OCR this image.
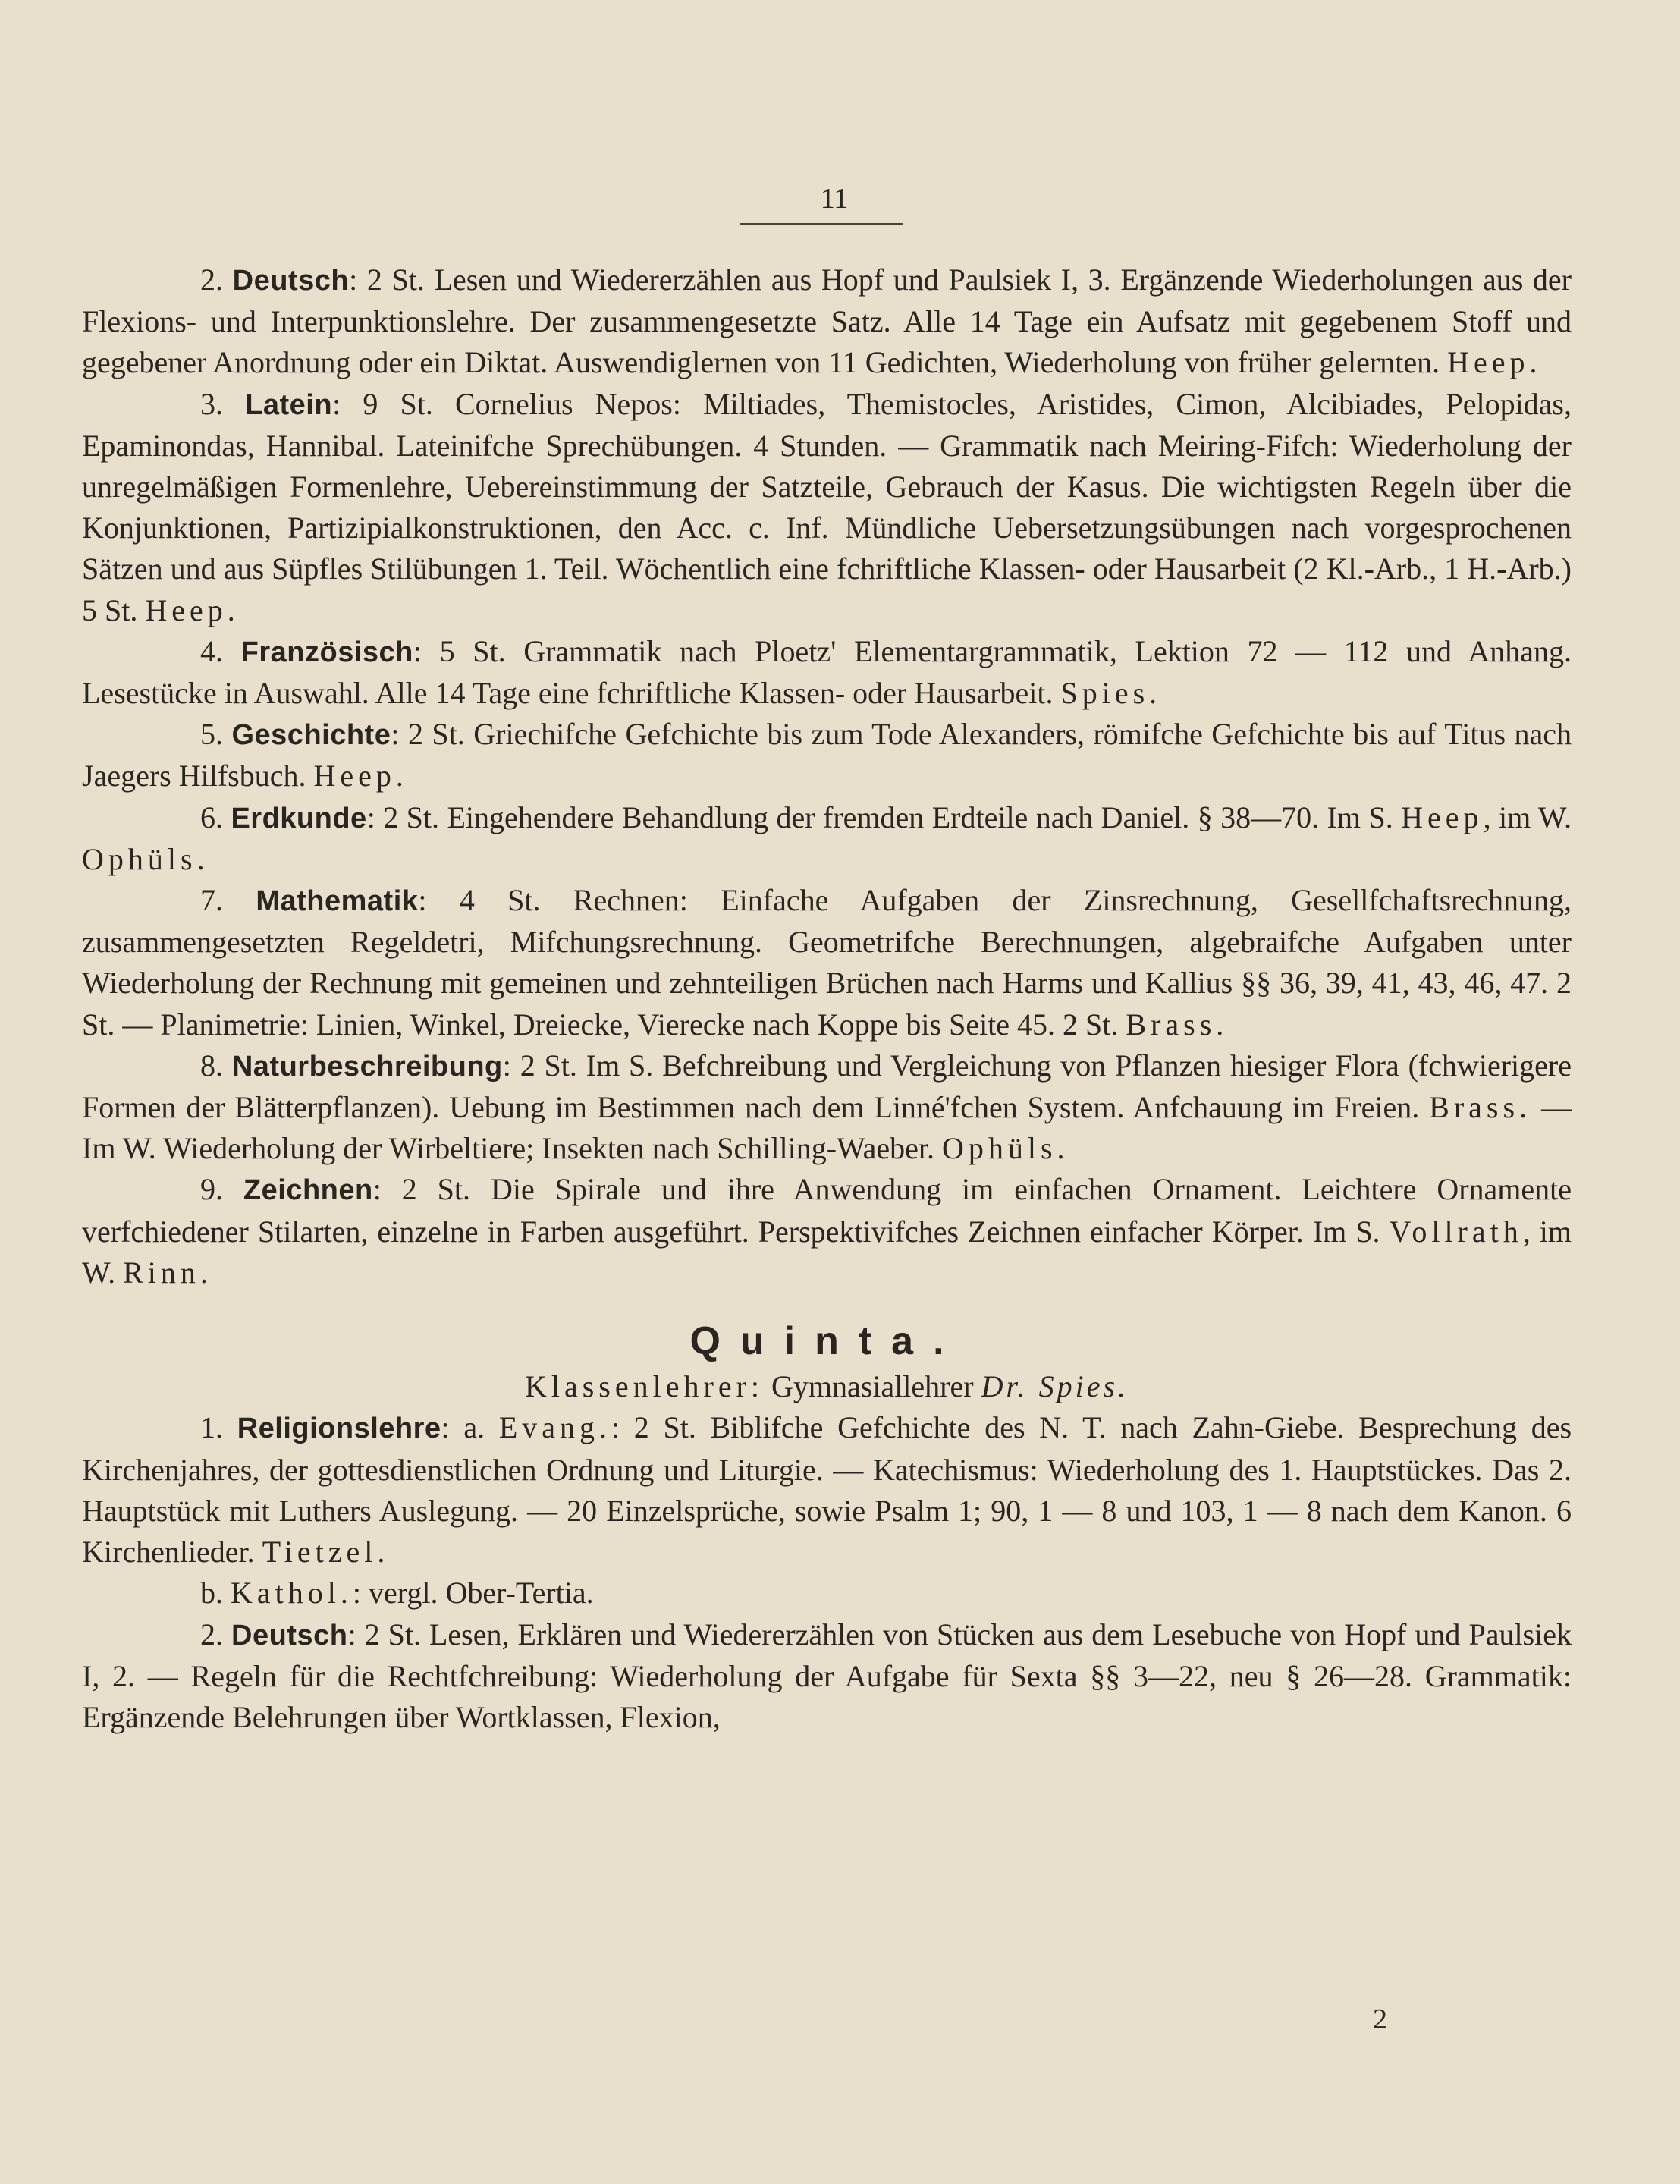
11

2. Deutsch: 2 St. Lesen und Wiedererzählen aus Hopf und Paulsiek I, 3. Ergänzende Wiederholungen aus der Flexions- und Interpunktionslehre. Der zusammengesetzte Satz. Alle 14 Tage ein Aufsatz mit gegebenem Stoff und gegebener Anordnung oder ein Diktat. Auswendiglernen von 11 Gedichten, Wiederholung von früher gelernten. Heep.

3. Latein: 9 St. Cornelius Nepos: Miltiades, Themistocles, Aristides, Cimon, Alcibiades, Pelopidas, Epaminondas, Hannibal. Lateinifche Sprechübungen. 4 Stunden. — Grammatik nach Meiring-Fifch: Wiederholung der unregelmäßigen Formenlehre, Uebereinstimmung der Satzteile, Gebrauch der Kasus. Die wichtigsten Regeln über die Konjunktionen, Partizipialkonstruktionen, den Acc. c. Inf. Mündliche Uebersetzungsübungen nach vorgesprochenen Sätzen und aus Süpfles Stilübungen 1. Teil. Wöchentlich eine fchriftliche Klassen- oder Hausarbeit (2 Kl.-Arb., 1 H.-Arb.) 5 St. Heep.

4. Französisch: 5 St. Grammatik nach Ploetz' Elementargrammatik, Lektion 72 — 112 und Anhang. Lesestücke in Auswahl. Alle 14 Tage eine fchriftliche Klassen- oder Hausarbeit. Spies.

5. Geschichte: 2 St. Griechifche Gefchichte bis zum Tode Alexanders, römifche Gefchichte bis auf Titus nach Jaegers Hilfsbuch. Heep.

6. Erdkunde: 2 St. Eingehendere Behandlung der fremden Erdteile nach Daniel. § 38—70. Im S. Heep, im W. Ophüls.

7. Mathematik: 4 St. Rechnen: Einfache Aufgaben der Zinsrechnung, Gesellfchaftsrechnung, zusammengesetzten Regeldetri, Mifchungsrechnung. Geometrifche Berechnungen, algebraifche Aufgaben unter Wiederholung der Rechnung mit gemeinen und zehnteiligen Brüchen nach Harms und Kallius §§ 36, 39, 41, 43, 46, 47. 2 St. — Planimetrie: Linien, Winkel, Dreiecke, Vierecke nach Koppe bis Seite 45. 2 St. Brass.

8. Naturbeschreibung: 2 St. Im S. Befchreibung und Vergleichung von Pflanzen hiesiger Flora (fchwierigere Formen der Blätterpflanzen). Uebung im Bestimmen nach dem Linné'fchen System. Anfchauung im Freien. Brass. — Im W. Wiederholung der Wirbeltiere; Insekten nach Schilling-Waeber. Ophüls.

9. Zeichnen: 2 St. Die Spirale und ihre Anwendung im einfachen Ornament. Leichtere Ornamente verfchiedener Stilarten, einzelne in Farben ausgeführt. Perspektivifches Zeichnen einfacher Körper. Im S. Vollrath, im W. Rinn.

Quinta.

Klassenlehrer: Gymnasiallehrer Dr. Spies.

1. Religionslehre: a. Evang.: 2 St. Biblifche Gefchichte des N. T. nach Zahn-Giebe. Besprechung des Kirchenjahres, der gottesdienstlichen Ordnung und Liturgie. — Katechismus: Wiederholung des 1. Hauptstückes. Das 2. Hauptstück mit Luthers Auslegung. — 20 Einzelsprüche, sowie Psalm 1; 90, 1 — 8 und 103, 1 — 8 nach dem Kanon. 6 Kirchenlieder. Tietzel.

b. Kathol.: vergl. Ober-Tertia.

2. Deutsch: 2 St. Lesen, Erklären und Wiedererzählen von Stücken aus dem Lesebuche von Hopf und Paulsiek I, 2. — Regeln für die Rechtfchreibung: Wiederholung der Aufgabe für Sexta §§ 3—22, neu § 26—28. Grammatik: Ergänzende Belehrungen über Wortklassen, Flexion,

2
